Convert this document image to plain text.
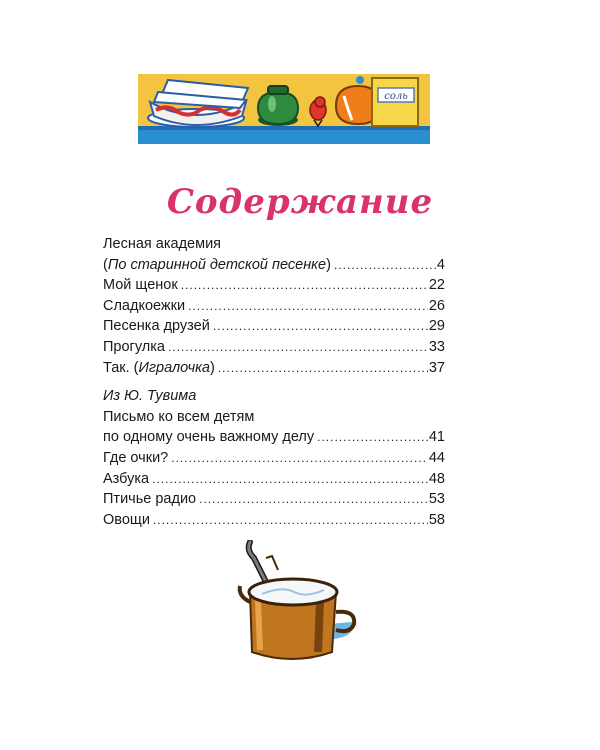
соль
Содержание
Лесная академия
(По старинной детской песенке) .....	4
Мой щенок .....	22
Сладкоежки .....	26
Песенка друзей .....	29
Прогулка .....	33
Так. (Игралочка) .....	37
Из Ю. Тувима
Письмо ко всем детям
по одному очень важному делу .....	41
Где очки? .....	44
Азбука .....	48
Птичье радио .....	53
Овощи .....	58
